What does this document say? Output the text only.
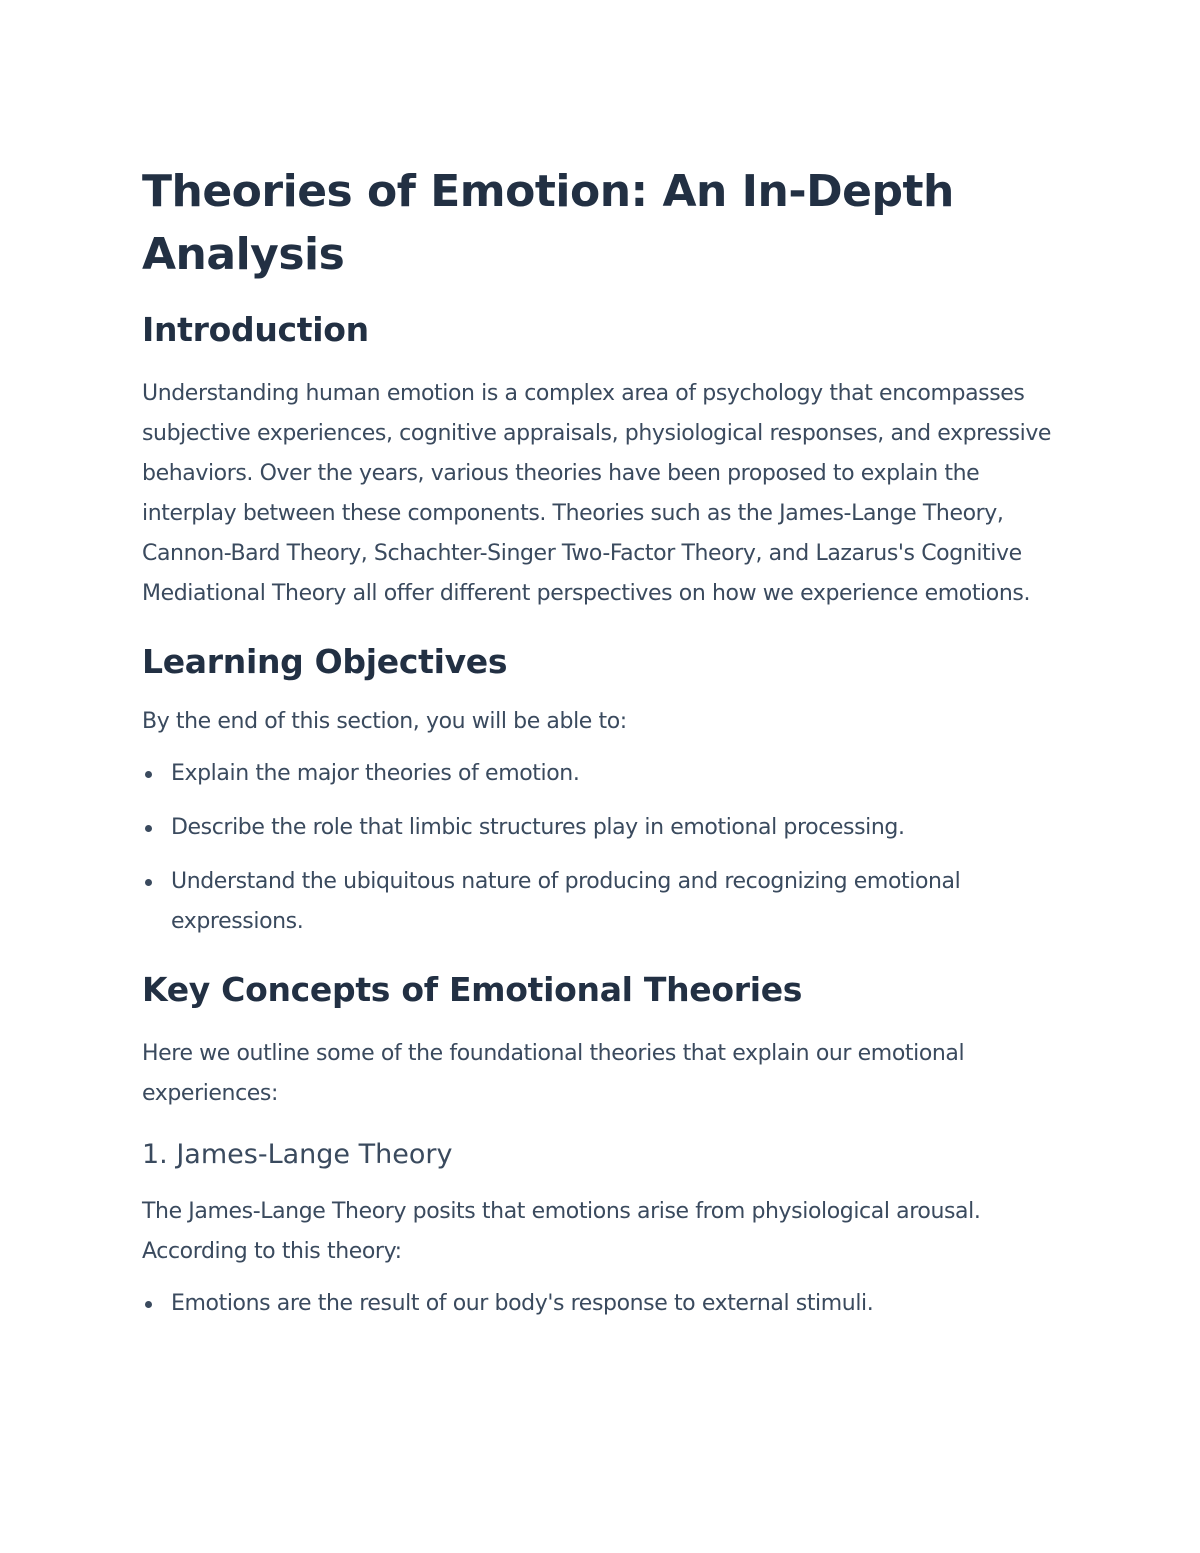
Theories of Emotion: An In-Depth Analysis
Introduction

Understanding human emotion is a complex area of psychology that encompasses subjective experiences, cognitive appraisals, physiological responses, and expressive behaviors. Over the years, various theories have been proposed to explain the interplay between these components. Theories such as the James-Lange Theory, Cannon-Bard Theory, Schachter-Singer Two-Factor Theory, and Lazarus's Cognitive Mediational Theory all offer different perspectives on how we experience emotions.

Learning Objectives

By the end of this section, you will be able to:

Explain the major theories of emotion.
Describe the role that limbic structures play in emotional processing.
Understand the ubiquitous nature of producing and recognizing emotional expressions.
Key Concepts of Emotional Theories

Here we outline some of the foundational theories that explain our emotional experiences:

1. James-Lange Theory

The James-Lange Theory posits that emotions arise from physiological arousal. According to this theory:

Emotions are the result of our body's response to external stimuli.
